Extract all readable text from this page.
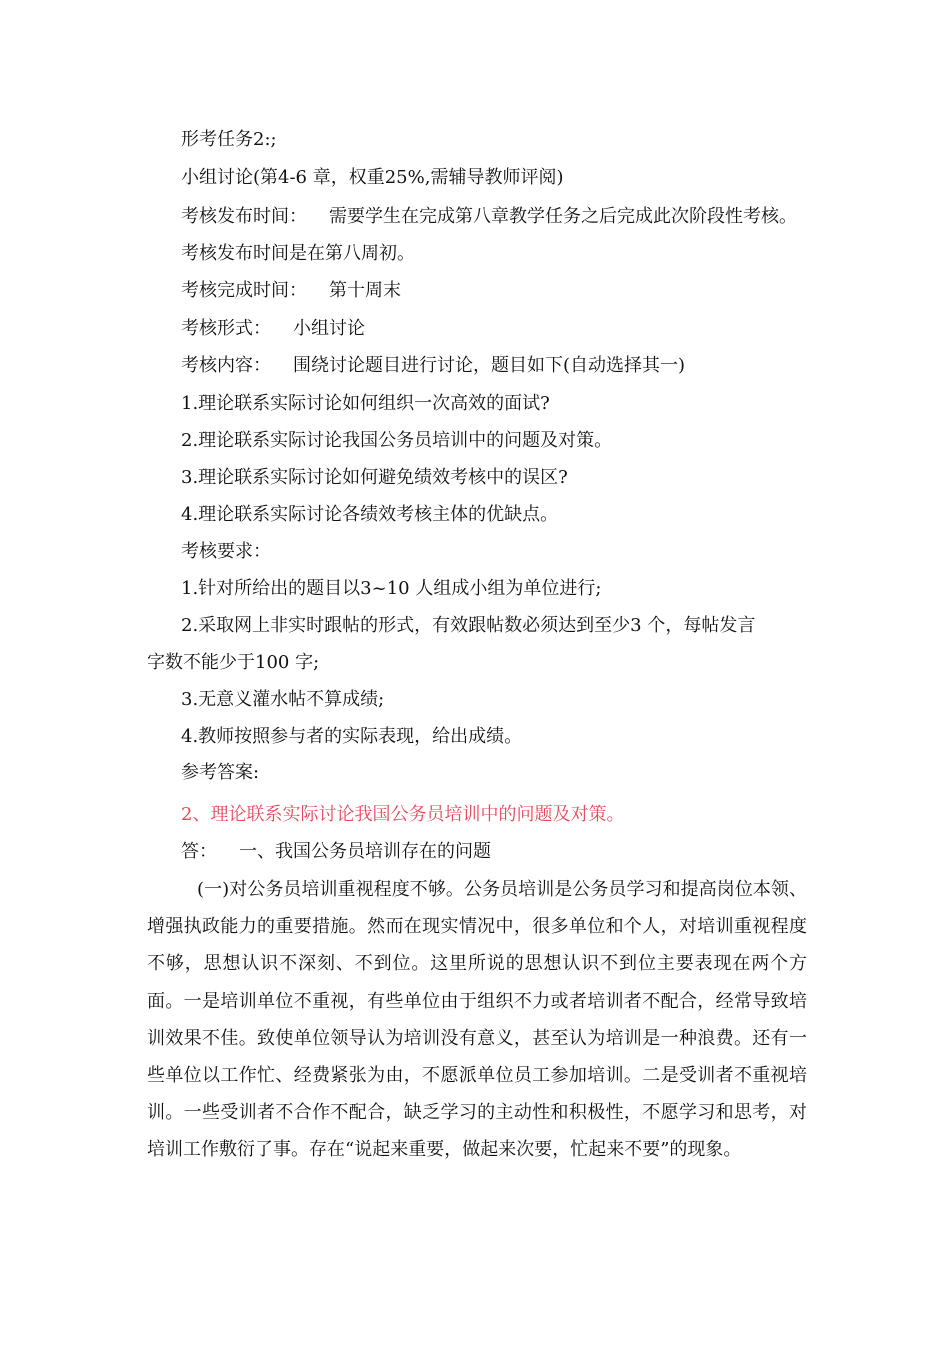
形考任务2:;

小组讨论(第4-6 章，权重25%,需辅导教师评阅)

考核发布时间： 需要学生在完成第八章教学任务之后完成此次阶段性考核。

考核发布时间是在第八周初。

考核完成时间： 第十周末

考核形式： 小组讨论

考核内容： 围绕讨论题目进行讨论，题目如下(自动选择其一)

1.理论联系实际讨论如何组织一次高效的面试?

2.理论联系实际讨论我国公务员培训中的问题及对策。

3.理论联系实际讨论如何避免绩效考核中的误区?

4.理论联系实际讨论各绩效考核主体的优缺点。

考核要求：

1.针对所给出的题目以3~10 人组成小组为单位进行;

2.采取网上非实时跟帖的形式，有效跟帖数必须达到至少3 个，每帖发言

字数不能少于100 字;

3.无意义灌水帖不算成绩;

4.教师按照参与者的实际表现，给出成绩。

参考答案:

2、理论联系实际讨论我国公务员培训中的问题及对策。

答： 一、我国公务员培训存在的问题

(一)对公务员培训重视程度不够。公务员培训是公务员学习和提高岗位本领、增强执政能力的重要措施。然而在现实情况中，很多单位和个人，对培训重视程度不够，思想认识不深刻、不到位。这里所说的思想认识不到位主要表现在两个方面。一是培训单位不重视，有些单位由于组织不力或者培训者不配合，经常导致培训效果不佳。致使单位领导认为培训没有意义，甚至认为培训是一种浪费。还有一些单位以工作忙、经费紧张为由，不愿派单位员工参加培训。二是受训者不重视培训。一些受训者不合作不配合，缺乏学习的主动性和积极性，不愿学习和思考，对培训工作敷衍了事。存在“说起来重要，做起来次要，忙起来不要”的现象。
